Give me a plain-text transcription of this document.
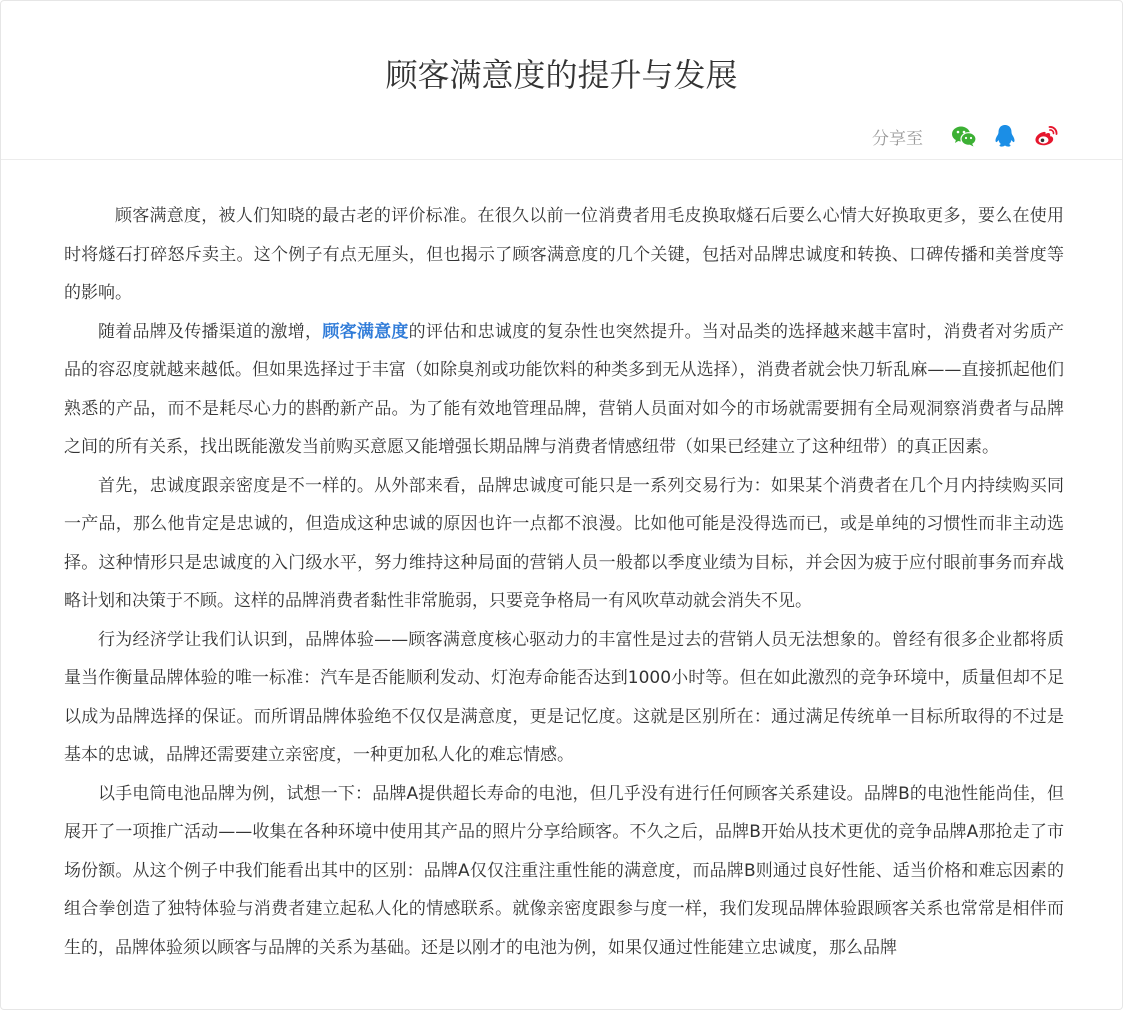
顾客满意度的提升与发展
分享至

顾客满意度，被人们知晓的最古老的评价标准。在很久以前一位消费者用毛皮换取燧石后要么心情大好换取更多，要么在使用时将燧石打碎怒斥卖主。这个例子有点无厘头，但也揭示了顾客满意度的几个关键，包括对品牌忠诚度和转换、口碑传播和美誉度等的影响。

随着品牌及传播渠道的激增，顾客满意度的评估和忠诚度的复杂性也突然提升。当对品类的选择越来越丰富时，消费者对劣质产品的容忍度就越来越低。但如果选择过于丰富（如除臭剂或功能饮料的种类多到无从选择），消费者就会快刀斩乱麻——直接抓起他们熟悉的产品，而不是耗尽心力的斟酌新产品。为了能有效地管理品牌，营销人员面对如今的市场就需要拥有全局观洞察消费者与品牌之间的所有关系，找出既能激发当前购买意愿又能增强长期品牌与消费者情感纽带（如果已经建立了这种纽带）的真正因素。

首先，忠诚度跟亲密度是不一样的。从外部来看，品牌忠诚度可能只是一系列交易行为：如果某个消费者在几个月内持续购买同一产品，那么他肯定是忠诚的，但造成这种忠诚的原因也许一点都不浪漫。比如他可能是没得选而已，或是单纯的习惯性而非主动选择。这种情形只是忠诚度的入门级水平，努力维持这种局面的营销人员一般都以季度业绩为目标，并会因为疲于应付眼前事务而弃战略计划和决策于不顾。这样的品牌消费者黏性非常脆弱，只要竞争格局一有风吹草动就会消失不见。

行为经济学让我们认识到，品牌体验——顾客满意度核心驱动力的丰富性是过去的营销人员无法想象的。曾经有很多企业都将质量当作衡量品牌体验的唯一标准：汽车是否能顺利发动、灯泡寿命能否达到1000小时等。但在如此激烈的竞争环境中，质量但却不足以成为品牌选择的保证。而所谓品牌体验绝不仅仅是满意度，更是记忆度。这就是区别所在：通过满足传统单一目标所取得的不过是基本的忠诚，品牌还需要建立亲密度，一种更加私人化的难忘情感。

以手电筒电池品牌为例，试想一下：品牌A提供超长寿命的电池，但几乎没有进行任何顾客关系建设。品牌B的电池性能尚佳，但展开了一项推广活动——收集在各种环境中使用其产品的照片分享给顾客。不久之后，品牌B开始从技术更优的竞争品牌A那抢走了市场份额。从这个例子中我们能看出其中的区别：品牌A仅仅注重注重性能的满意度，而品牌B则通过良好性能、适当价格和难忘因素的组合拳创造了独特体验与消费者建立起私人化的情感联系。就像亲密度跟参与度一样，我们发现品牌体验跟顾客关系也常常是相伴而生的，品牌体验须以顾客与品牌的关系为基础。还是以刚才的电池为例，如果仅通过性能建立忠诚度，那么品牌
